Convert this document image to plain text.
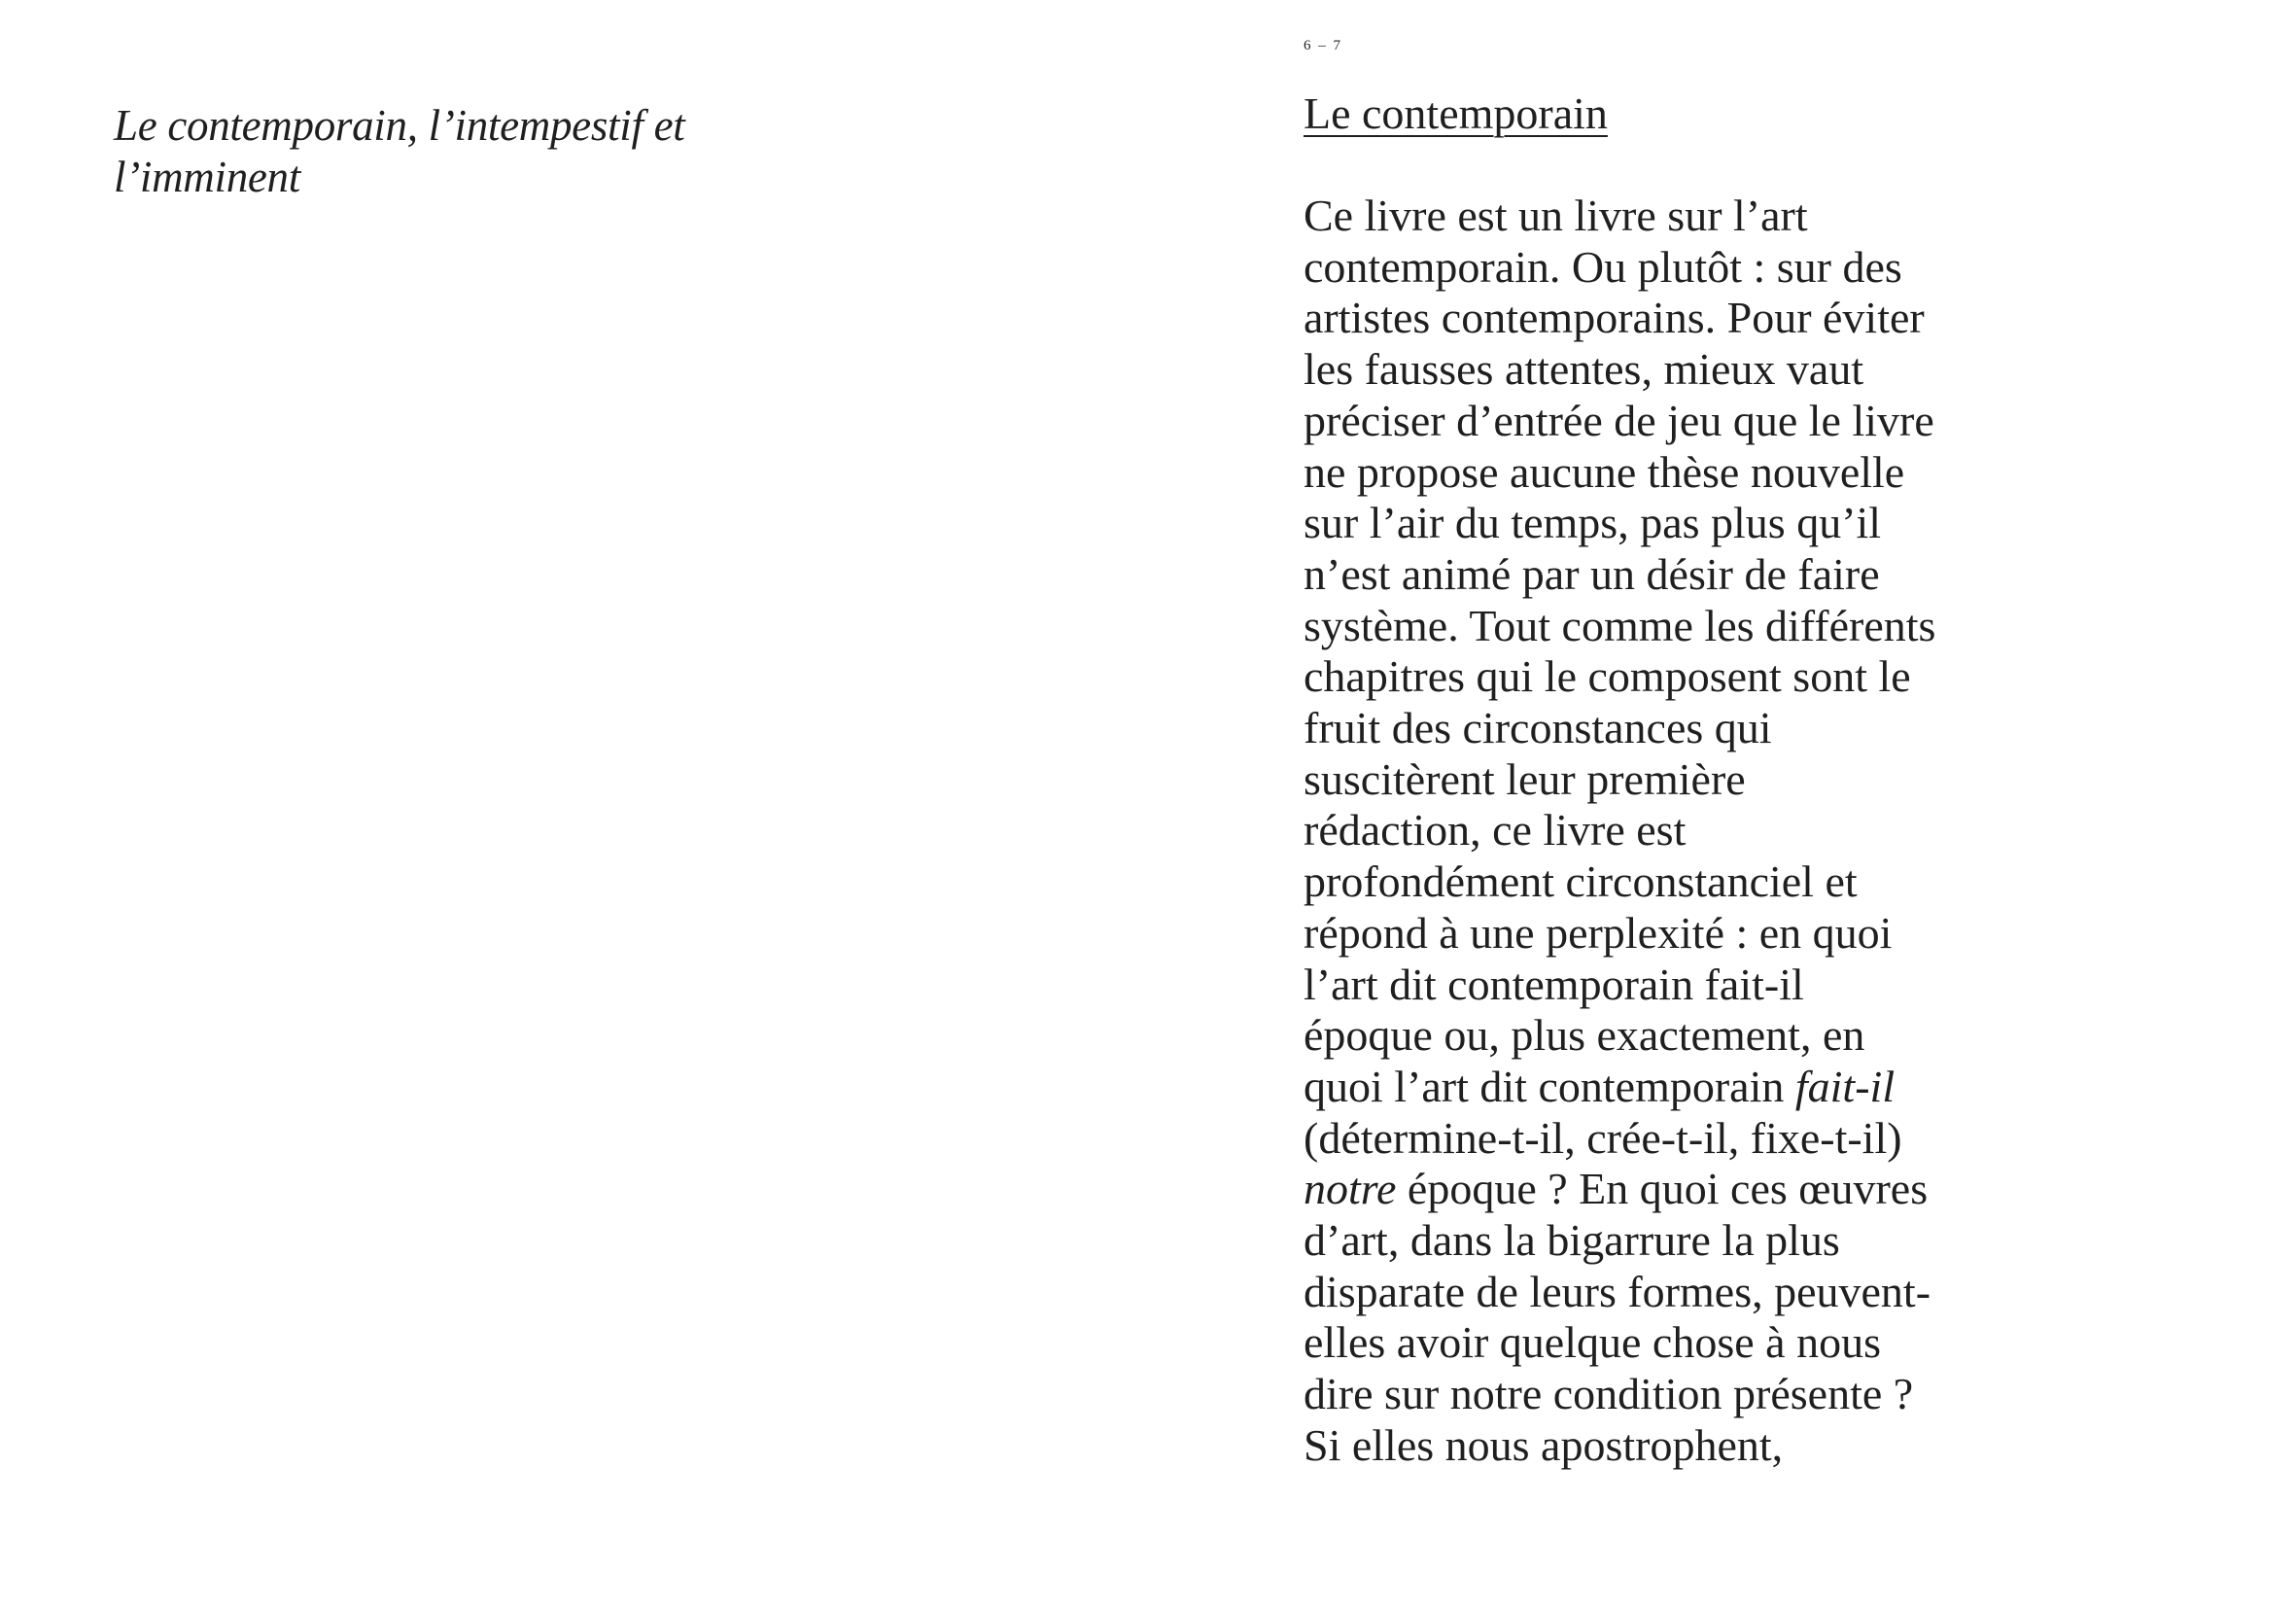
Le contemporain, l’intempestif et l’imminent

6 – 7

Le contemporain

Ce livre est un livre sur l’art
contemporain. Ou plutôt : sur des
artistes contemporains. Pour éviter
les fausses attentes, mieux vaut
préciser d’entrée de jeu que le livre
ne propose aucune thèse nouvelle
sur l’air du temps, pas plus qu’il
n’est animé par un désir de faire
système. Tout comme les différents
chapitres qui le composent sont le
fruit des circonstances qui
suscitèrent leur première
rédaction, ce livre est
profondément circonstanciel et
répond à une perplexité : en quoi
l’art dit contemporain fait-il
époque ou, plus exactement, en
quoi l’art dit contemporain fait-il
(détermine-t-il, crée-t-il, fixe-t-il)
notre époque ? En quoi ces œuvres
d’art, dans la bigarrure la plus
disparate de leurs formes, peuvent-
elles avoir quelque chose à nous
dire sur notre condition présente ?
Si elles nous apostrophent,
